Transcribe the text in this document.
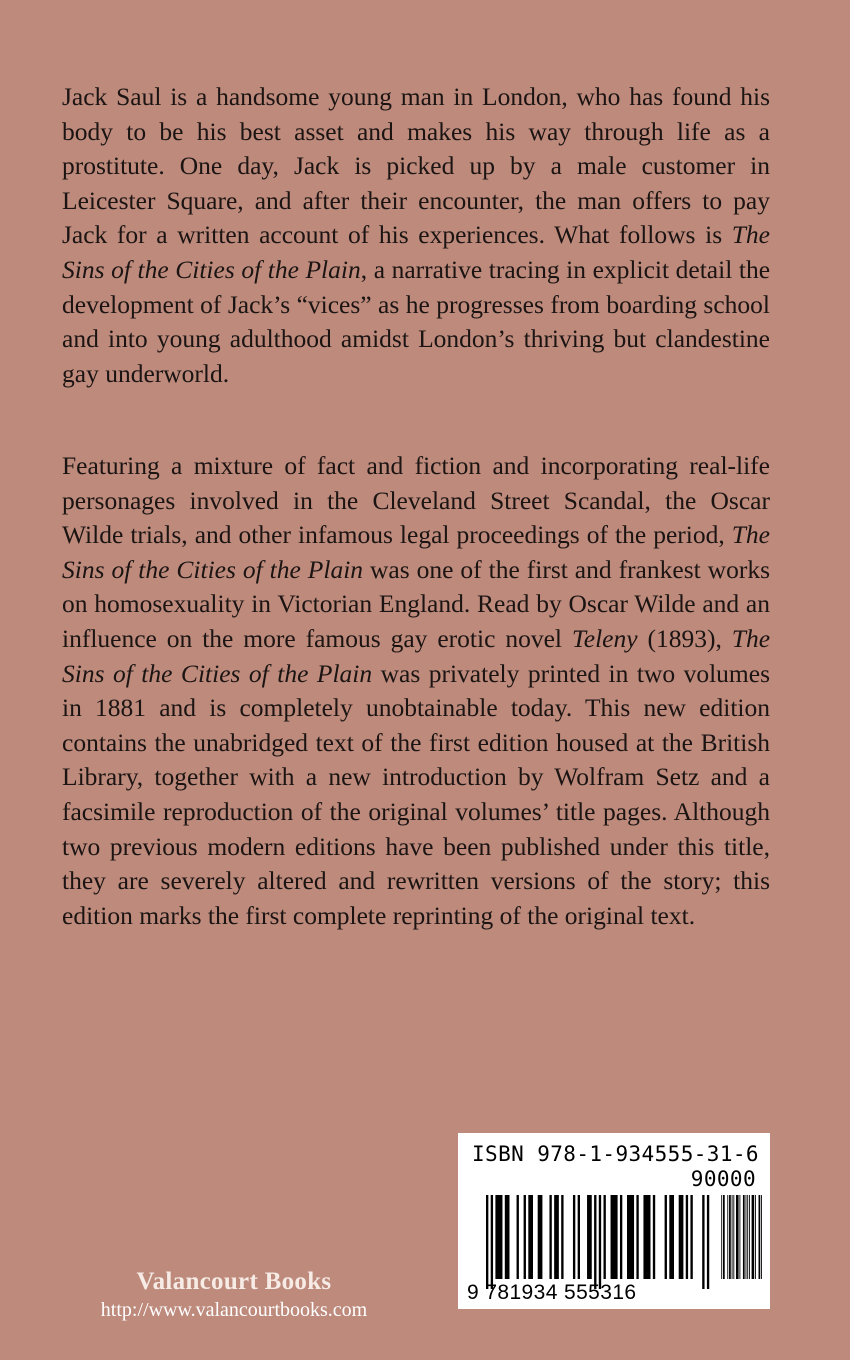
Jack Saul is a handsome young man in London, who has found his body to be his best asset and makes his way through life as a prostitute. One day, Jack is picked up by a male customer in Leicester Square, and after their encounter, the man offers to pay Jack for a written account of his experiences. What follows is The Sins of the Cities of the Plain, a narrative tracing in explicit detail the development of Jack’s “vices” as he progresses from boarding school and into young adulthood amidst London’s thriving but clandestine gay underworld.

Featuring a mixture of fact and fiction and incorporating real-life personages involved in the Cleveland Street Scandal, the Oscar Wilde trials, and other infamous legal proceedings of the period, The Sins of the Cities of the Plain was one of the first and frankest works on homosexuality in Victorian England. Read by Oscar Wilde and an influence on the more famous gay erotic novel Teleny (1893), The Sins of the Cities of the Plain was privately printed in two volumes in 1881 and is completely unobtainable today. This new edition contains the unabridged text of the first edition housed at the British Library, together with a new introduction by Wolfram Setz and a facsimile reproduction of the original volumes’ title pages. Although two previous modern editions have been published under this title, they are severely altered and rewritten versions of the story; this edition marks the first complete reprinting of the original text.

Valancourt Books
http://www.valancourtbooks.com
ISBN 978-1-934555-31-6
90000
9 781934 555316
